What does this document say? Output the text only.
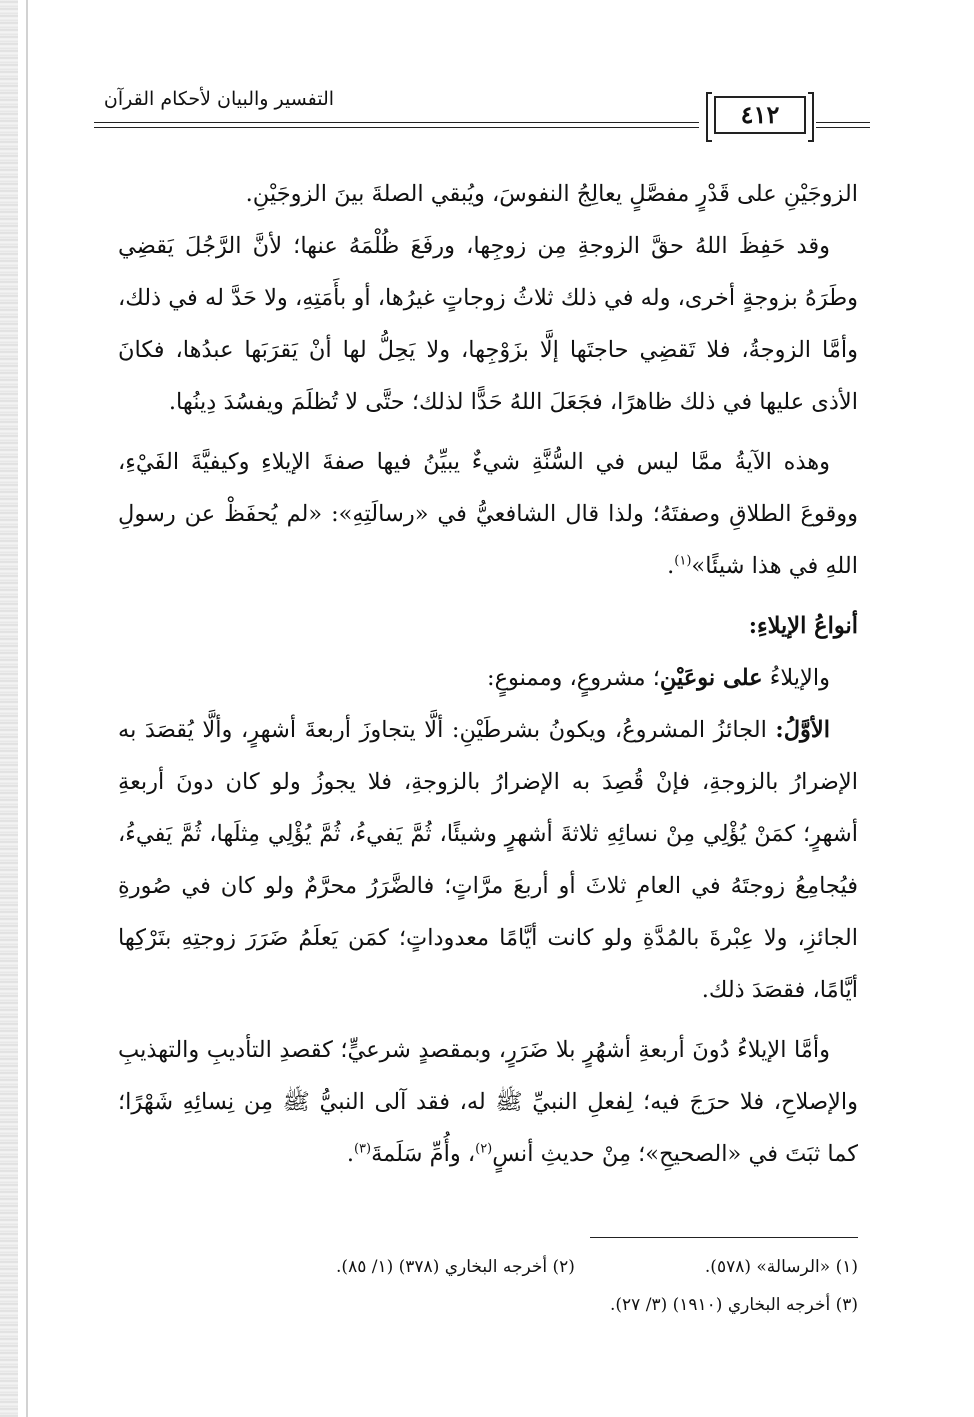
التفسير والبيان لأحكام القرآن
٤١٢

الزوجَيْنِ على قَدْرٍ مفصَّلٍ يعالِجُ النفوسَ، ويُبقي الصلةَ بينَ الزوجَيْنِ.

وقد حَفِظَ اللهُ حقَّ الزوجةِ مِن زوجِها، ورفَعَ ظُلْمَهُ عنها؛ لأنَّ الرَّجُلَ يَقضِي وطَرَهُ بزوجةٍ أخرى، وله في ذلك ثلاثُ زوجاتٍ غيرُها، أو بأَمَتِهِ، ولا حَدَّ له في ذلك، وأمَّا الزوجةُ، فلا تَقضِي حاجتَها إلَّا بزَوْجِها، ولا يَحِلُّ لها أنْ يَقرَبَها عبدُها، فكانَ الأذى عليها في ذلك ظاهرًا، فجَعَلَ اللهُ حَدًّا لذلك؛ حتَّى لا تُظلَمَ ويفسُدَ دِينُها.

وهذه الآيةُ ممَّا ليس في السُّنَّةِ شيءٌ يبيِّنُ فيها صفةَ الإيلاءِ وكيفيَّةَ الفَيْءِ، ووقوعَ الطلاقِ وصفتَهُ؛ ولذا قال الشافعيُّ في «رسالَتِهِ»: «لم يُحفَظْ عن رسولِ اللهِ في هذا شيئًا»$^{(١)}$.

أنواعُ الإيلاءِ:

والإيلاءُ على نوعَيْنِ؛ مشروعٍ، وممنوعٍ:

الأوَّلُ: الجائزُ المشروعُ، ويكونُ بشرطَيْنِ: ألَّا يتجاوزَ أربعةَ أشهرٍ، وألَّا يُقصَدَ به الإضرارُ بالزوجةِ، فإنْ قُصِدَ به الإضرارُ بالزوجةِ، فلا يجوزُ ولو كان دونَ أربعةِ أشهرٍ؛ كمَنْ يُؤْلِي مِنْ نسائِهِ ثلاثةَ أشهرٍ وشيئًا، ثُمَّ يَفيءُ، ثُمَّ يُؤْلِي مِثلَها، ثُمَّ يَفيءُ، فيُجامِعُ زوجتَهُ في العامِ ثلاثَ أو أربعَ مرَّاتٍ؛ فالضَّرَرُ محرَّمٌ ولو كان في صُورةِ الجائزِ، ولا عِبْرةَ بالمُدَّةِ ولو كانت أيَّامًا معدوداتٍ؛ كمَن يَعلَمُ ضَرَرَ زوجتِهِ بتَرْكِها أيَّامًا، فقصَدَ ذلك.

وأمَّا الإيلاءُ دُونَ أربعةِ أشهُرٍ بلا ضَرَرٍ، وبمقصدٍ شرعيٍّ؛ كقصدِ التأديبِ والتهذيبِ والإصلاحِ، فلا حرَجَ فيه؛ لِفعلِ النبيِّ ﷺ له، فقد آلى النبيُّ ﷺ مِن نِسائِهِ شَهْرًا؛ كما ثبَتَ في «الصحيحِ»؛ مِنْ حديثِ أنسٍ$^{(٢)}$، وأُمِّ سَلَمةَ$^{(٣)}$.

(١) «الرسالة» (٥٧٨).
(٢) أخرجه البخاري (٣٧٨) (١/ ٨٥).
(٣) أخرجه البخاري (١٩١٠) (٣/ ٢٧).
